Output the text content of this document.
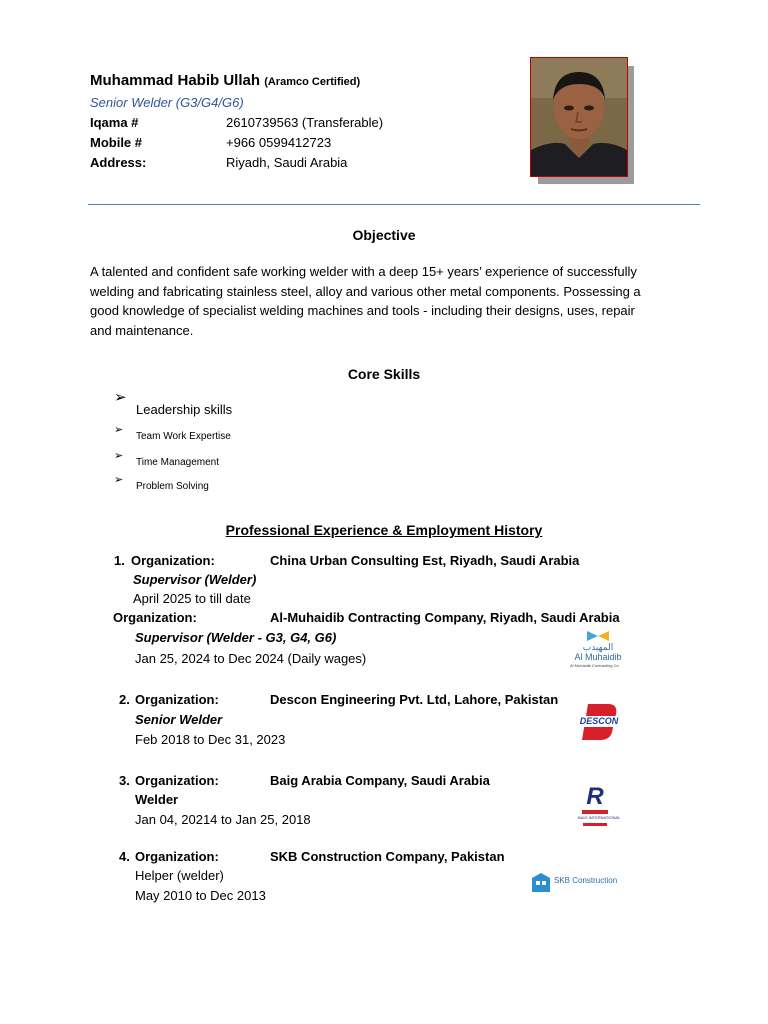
Muhammad Habib Ullah (Aramco Certified)
Senior Welder (G3/G4/G6)
Iqama #	2610739563 (Transferable)
Mobile #	+966 0599412723
Address:	Riyadh, Saudi Arabia
Objective
A talented and confident safe working welder with a deep 15+ years’ experience of successfully
welding and fabricating stainless steel, alloy and various other metal components. Possessing a
good knowledge of specialist welding machines and tools - including their designs, uses, repair
and maintenance.
Core Skills
➢
Leadership skills
➢
Team Work Expertise
➢
Time Management
➢
Problem Solving
Professional Experience & Employment History
1. Organization:	China Urban Consulting Est, Riyadh, Saudi Arabia
Supervisor (Welder)
April 2025 to till date
Organization:	Al-Muhaidib Contracting Company, Riyadh, Saudi Arabia
Supervisor (Welder - G3, G4, G6)
Jan 25, 2024 to Dec 2024 (Daily wages)
المهيدب
Al Muhaidib
Al Muhaidib Contracting Co
2. Organization:	Descon Engineering Pvt. Ltd, Lahore, Pakistan
Senior Welder
Feb 2018 to Dec 31, 2023
DESCON
3. Organization:	Baig Arabia Company, Saudi Arabia
Welder
Jan 04, 20214 to Jan 25, 2018
R
BAIG INTERNATIONAL
4. Organization:	SKB Construction Company, Pakistan
Helper (welder)
May 2010 to Dec 2013
SKB Construction
